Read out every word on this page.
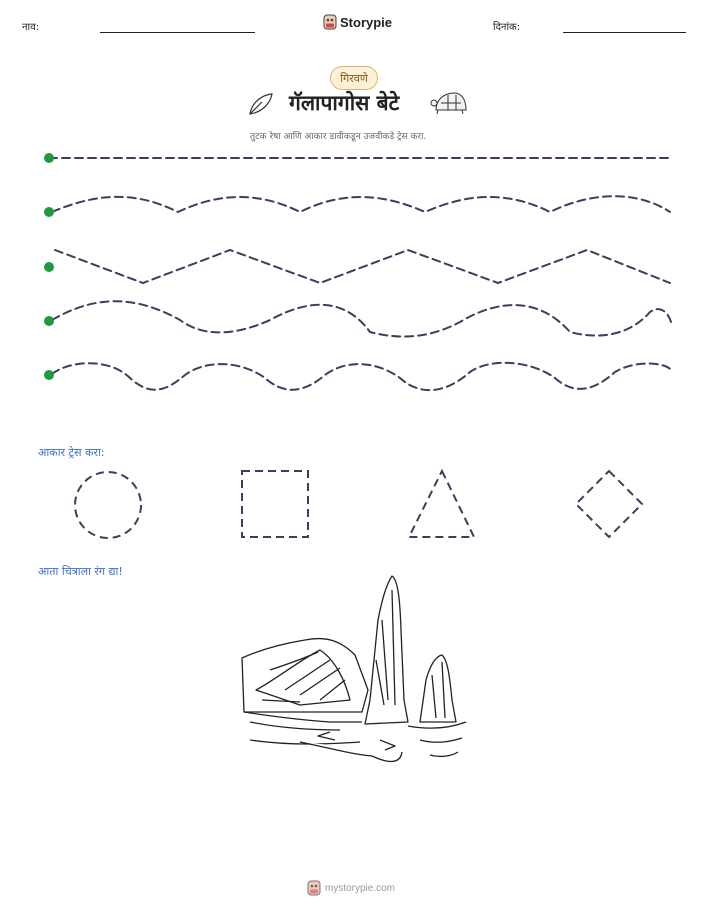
नाव:	Storypie	दिनांक:
गिरवणे
गॅलापागोस बेटे
तुटक रेषा आणि आकार डावीकडून उजवीकडे ट्रेस करा.
आकार ट्रेस करा:
आता चित्राला रंग द्या!
mystorypie.com
